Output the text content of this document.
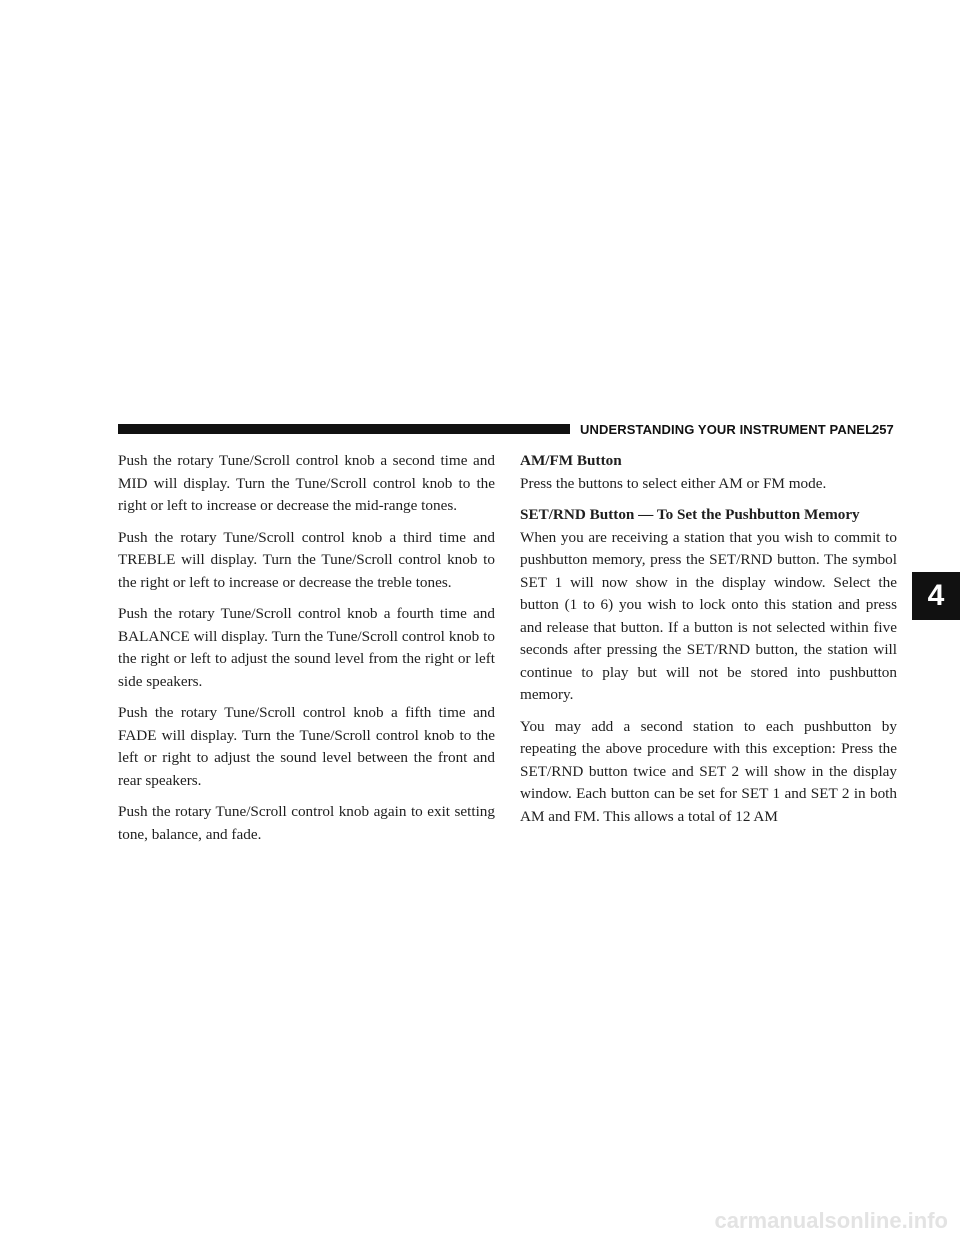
UNDERSTANDING YOUR INSTRUMENT PANEL
257
4

Push the rotary Tune/Scroll control knob a second time and MID will display. Turn the Tune/Scroll control knob to the right or left to increase or decrease the mid-range tones.

Push the rotary Tune/Scroll control knob a third time and TREBLE will display. Turn the Tune/Scroll control knob to the right or left to increase or decrease the treble tones.

Push the rotary Tune/Scroll control knob a fourth time and BALANCE will display. Turn the Tune/Scroll control knob to the right or left to adjust the sound level from the right or left side speakers.

Push the rotary Tune/Scroll control knob a fifth time and FADE will display. Turn the Tune/Scroll control knob to the left or right to adjust the sound level between the front and rear speakers.

Push the rotary Tune/Scroll control knob again to exit setting tone, balance, and fade.

AM/FM Button

Press the buttons to select either AM or FM mode.

SET/RND Button — To Set the Pushbutton Memory

When you are receiving a station that you wish to commit to pushbutton memory, press the SET/RND button. The symbol SET 1 will now show in the display window. Select the button (1 to 6) you wish to lock onto this station and press and release that button. If a button is not selected within five seconds after pressing the SET/RND button, the station will continue to play but will not be stored into pushbutton memory.

You may add a second station to each pushbutton by repeating the above procedure with this exception: Press the SET/RND button twice and SET 2 will show in the display window. Each button can be set for SET 1 and SET 2 in both AM and FM. This allows a total of 12 AM

carmanualsonline.info
